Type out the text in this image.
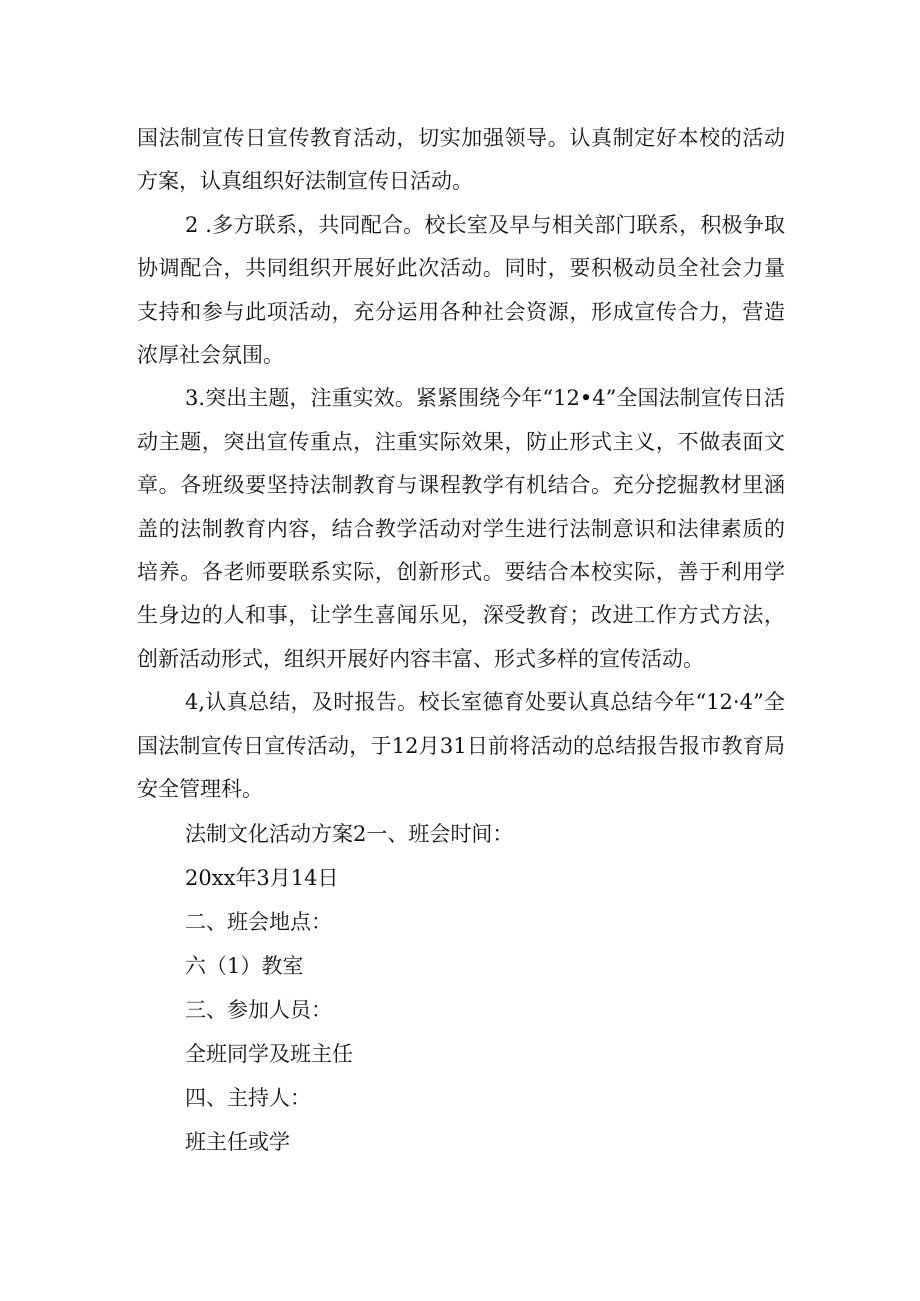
国法制宣传日宣传教育活动，切实加强领导。认真制定好本校的活动方案，认真组织好法制宣传日活动。

2 .多方联系，共同配合。校长室及早与相关部门联系，积极争取协调配合，共同组织开展好此次活动。同时，要积极动员全社会力量支持和参与此项活动，充分运用各种社会资源，形成宣传合力，营造浓厚社会氛围。

3.突出主题，注重实效。紧紧围绕今年“12•4”全国法制宣传日活动主题，突出宣传重点，注重实际效果，防止形式主义，不做表面文章。各班级要坚持法制教育与课程教学有机结合。充分挖掘教材里涵盖的法制教育内容，结合教学活动对学生进行法制意识和法律素质的培养。各老师要联系实际，创新形式。要结合本校实际，善于利用学生身边的人和事，让学生喜闻乐见，深受教育；改进工作方式方法，创新活动形式，组织开展好内容丰富、形式多样的宣传活动。

4,认真总结，及时报告。校长室德育处要认真总结今年“12·4”全国法制宣传日宣传活动，于12月31日前将活动的总结报告报市教育局安全管理科。

法制文化活动方案2一、班会时间：

20xx年3月14日

二、班会地点：

六（1）教室

三、参加人员：

全班同学及班主任

四、主持人：

班主任或学
